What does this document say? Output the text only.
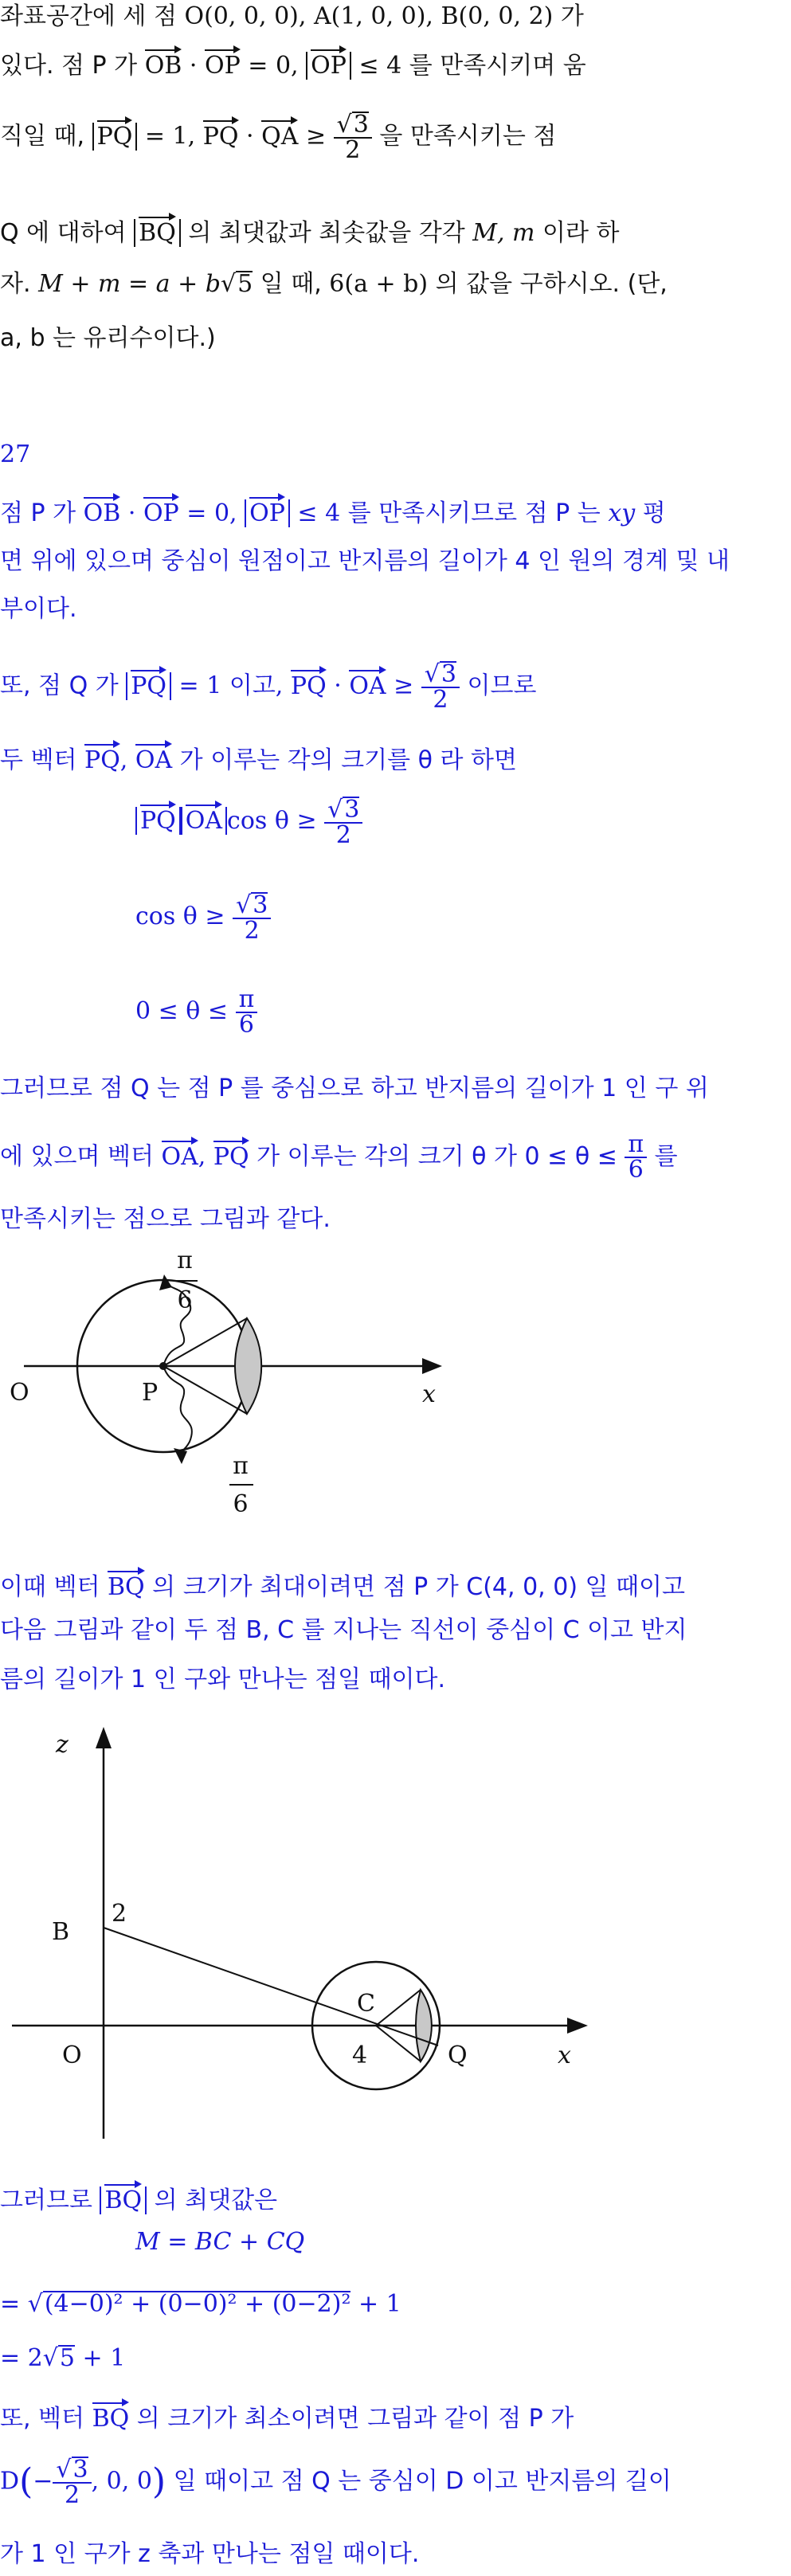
좌표공간에 세 점 O(0, 0, 0), A(1, 0, 0), B(0, 0, 2) 가
있다. 점 P 가 OB · OP = 0, OP ≤ 4 를 만족시키며 움
직일 때, PQ = 1, PQ · QA ≥ $\frac{√3}{2}$ 을 만족시키는 점
Q 에 대하여 BQ 의 최댓값과 최솟값을 각각 M, m 이라 하
자. M + m = a + b√5 일 때, 6(a + b) 의 값을 구하시오. (단,
a, b 는 유리수이다.)
27
점 P 가 OB · OP = 0, OP ≤ 4 를 만족시키므로 점 P 는 xy 평
면 위에 있으며 중심이 원점이고 반지름의 길이가 4 인 원의 경계 및 내
부이다.
또, 점 Q 가 PQ = 1 이고, PQ · OA ≥ $\frac{√3}{2}$ 이므로
두 벡터 PQ, OA 가 이루는 각의 크기를 θ 라 하면
PQ OA $\cos \theta \ge \frac{√3}{2}$
$\cos \theta \ge \frac{√3}{2}$
$0 \le \theta \le \frac{\pi}{6}$
그러므로 점 Q 는 점 P 를 중심으로 하고 반지름의 길이가 1 인 구 위
에 있으며 벡터 OA, PQ 가 이루는 각의 크기 θ 가 $0 \le \theta \le \frac{\pi}{6}$ 를
만족시키는 점으로 그림과 같다.
π
6
π
6
O	P	x
이때 벡터 BQ 의 크기가 최대이려면 점 P 가 C(4, 0, 0) 일 때이고
다음 그림과 같이 두 점 B, C 를 지나는 직선이 중심이 C 이고 반지
름의 길이가 1 인 구와 만나는 점일 때이다.
z
B
2
O
C
4	Q	x
그러므로 BQ 의 최댓값은
M = BC + CQ
= √(4−0)² + (0−0)² + (0−2)² + 1
= 2√5 + 1
또, 벡터 BQ 의 크기가 최소이려면 그림과 같이 점 P 가
$D(- \frac{√3}{2}$ , 0, 0) 일 때이고 점 Q 는 중심이 D 이고 반지름의 길이
가 1 인 구가 z 축과 만나는 점일 때이다.
